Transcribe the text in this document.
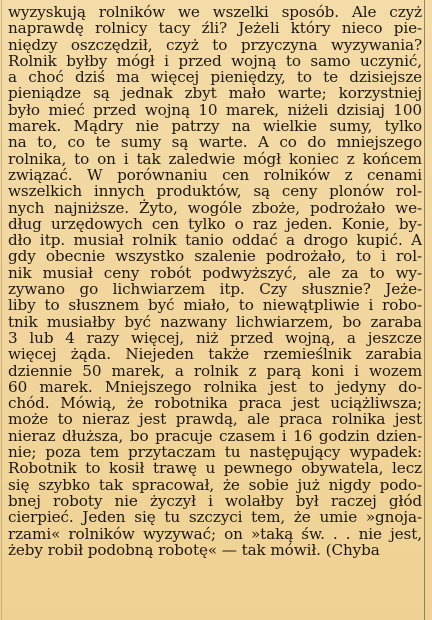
wyzyskują rolników we wszelki sposób. Ale czyż
naprawdę rolnicy tacy źli? Jeżeli który nieco pie-
niędzy oszczędził, czyż to przyczyna wyzywania?
Rolnik byłby mógł i przed wojną to samo uczynić,
a choć dziś ma więcej pieniędzy, to te dzisiejsze
pieniądze są jednak zbyt mało warte; korzystniej
było mieć przed wojną 10 marek, niżeli dzisiaj 100
marek. Mądry nie patrzy na wielkie sumy, tylko
na to, co te sumy są warte. A co do mniejszego
rolnika, to on i tak zaledwie mógł koniec z końcem
związać. W porównaniu cen rolników z cenami
wszelkich innych produktów, są ceny plonów rol-
nych najniższe. Żyto, wogóle zboże, podrożało we-
dług urzędowych cen tylko o raz jeden. Konie, by-
dło itp. musiał rolnik tanio oddać a drogo kupić. A
gdy obecnie wszystko szalenie podrożało, to i rol-
nik musiał ceny robót podwyższyć, ale za to wy-
zywano go lichwiarzem itp. Czy słusznie? Jeże-
liby to słusznem być miało, to niewątpliwie i robo-
tnik musiałby być nazwany lichwiarzem, bo zaraba
3 lub 4 razy więcej, niż przed wojną, a jeszcze
więcej żąda. Niejeden także rzemieślnik zarabia
dziennie 50 marek, a rolnik z parą koni i wozem
60 marek. Mniejszego rolnika jest to jedyny do-
chód. Mówią, że robotnika praca jest uciążliwsza;
może to nieraz jest prawdą, ale praca rolnika jest
nieraz dłuższa, bo pracuje czasem i 16 godzin dzien-
nie; poza tem przytaczam tu następujący wypadek:
Robotnik to kosił trawę u pewnego obywatela, lecz
się szybko tak spracował, że sobie już nigdy podo-
bnej roboty nie życzył i wolałby był raczej głód
cierpieć. Jeden się tu szczyci tem, że umie »gnoja-
rzami« rolników wyzywać; on »taką św. . . nie jest,
żeby robił podobną robotę« — tak mówił. (Chyba
